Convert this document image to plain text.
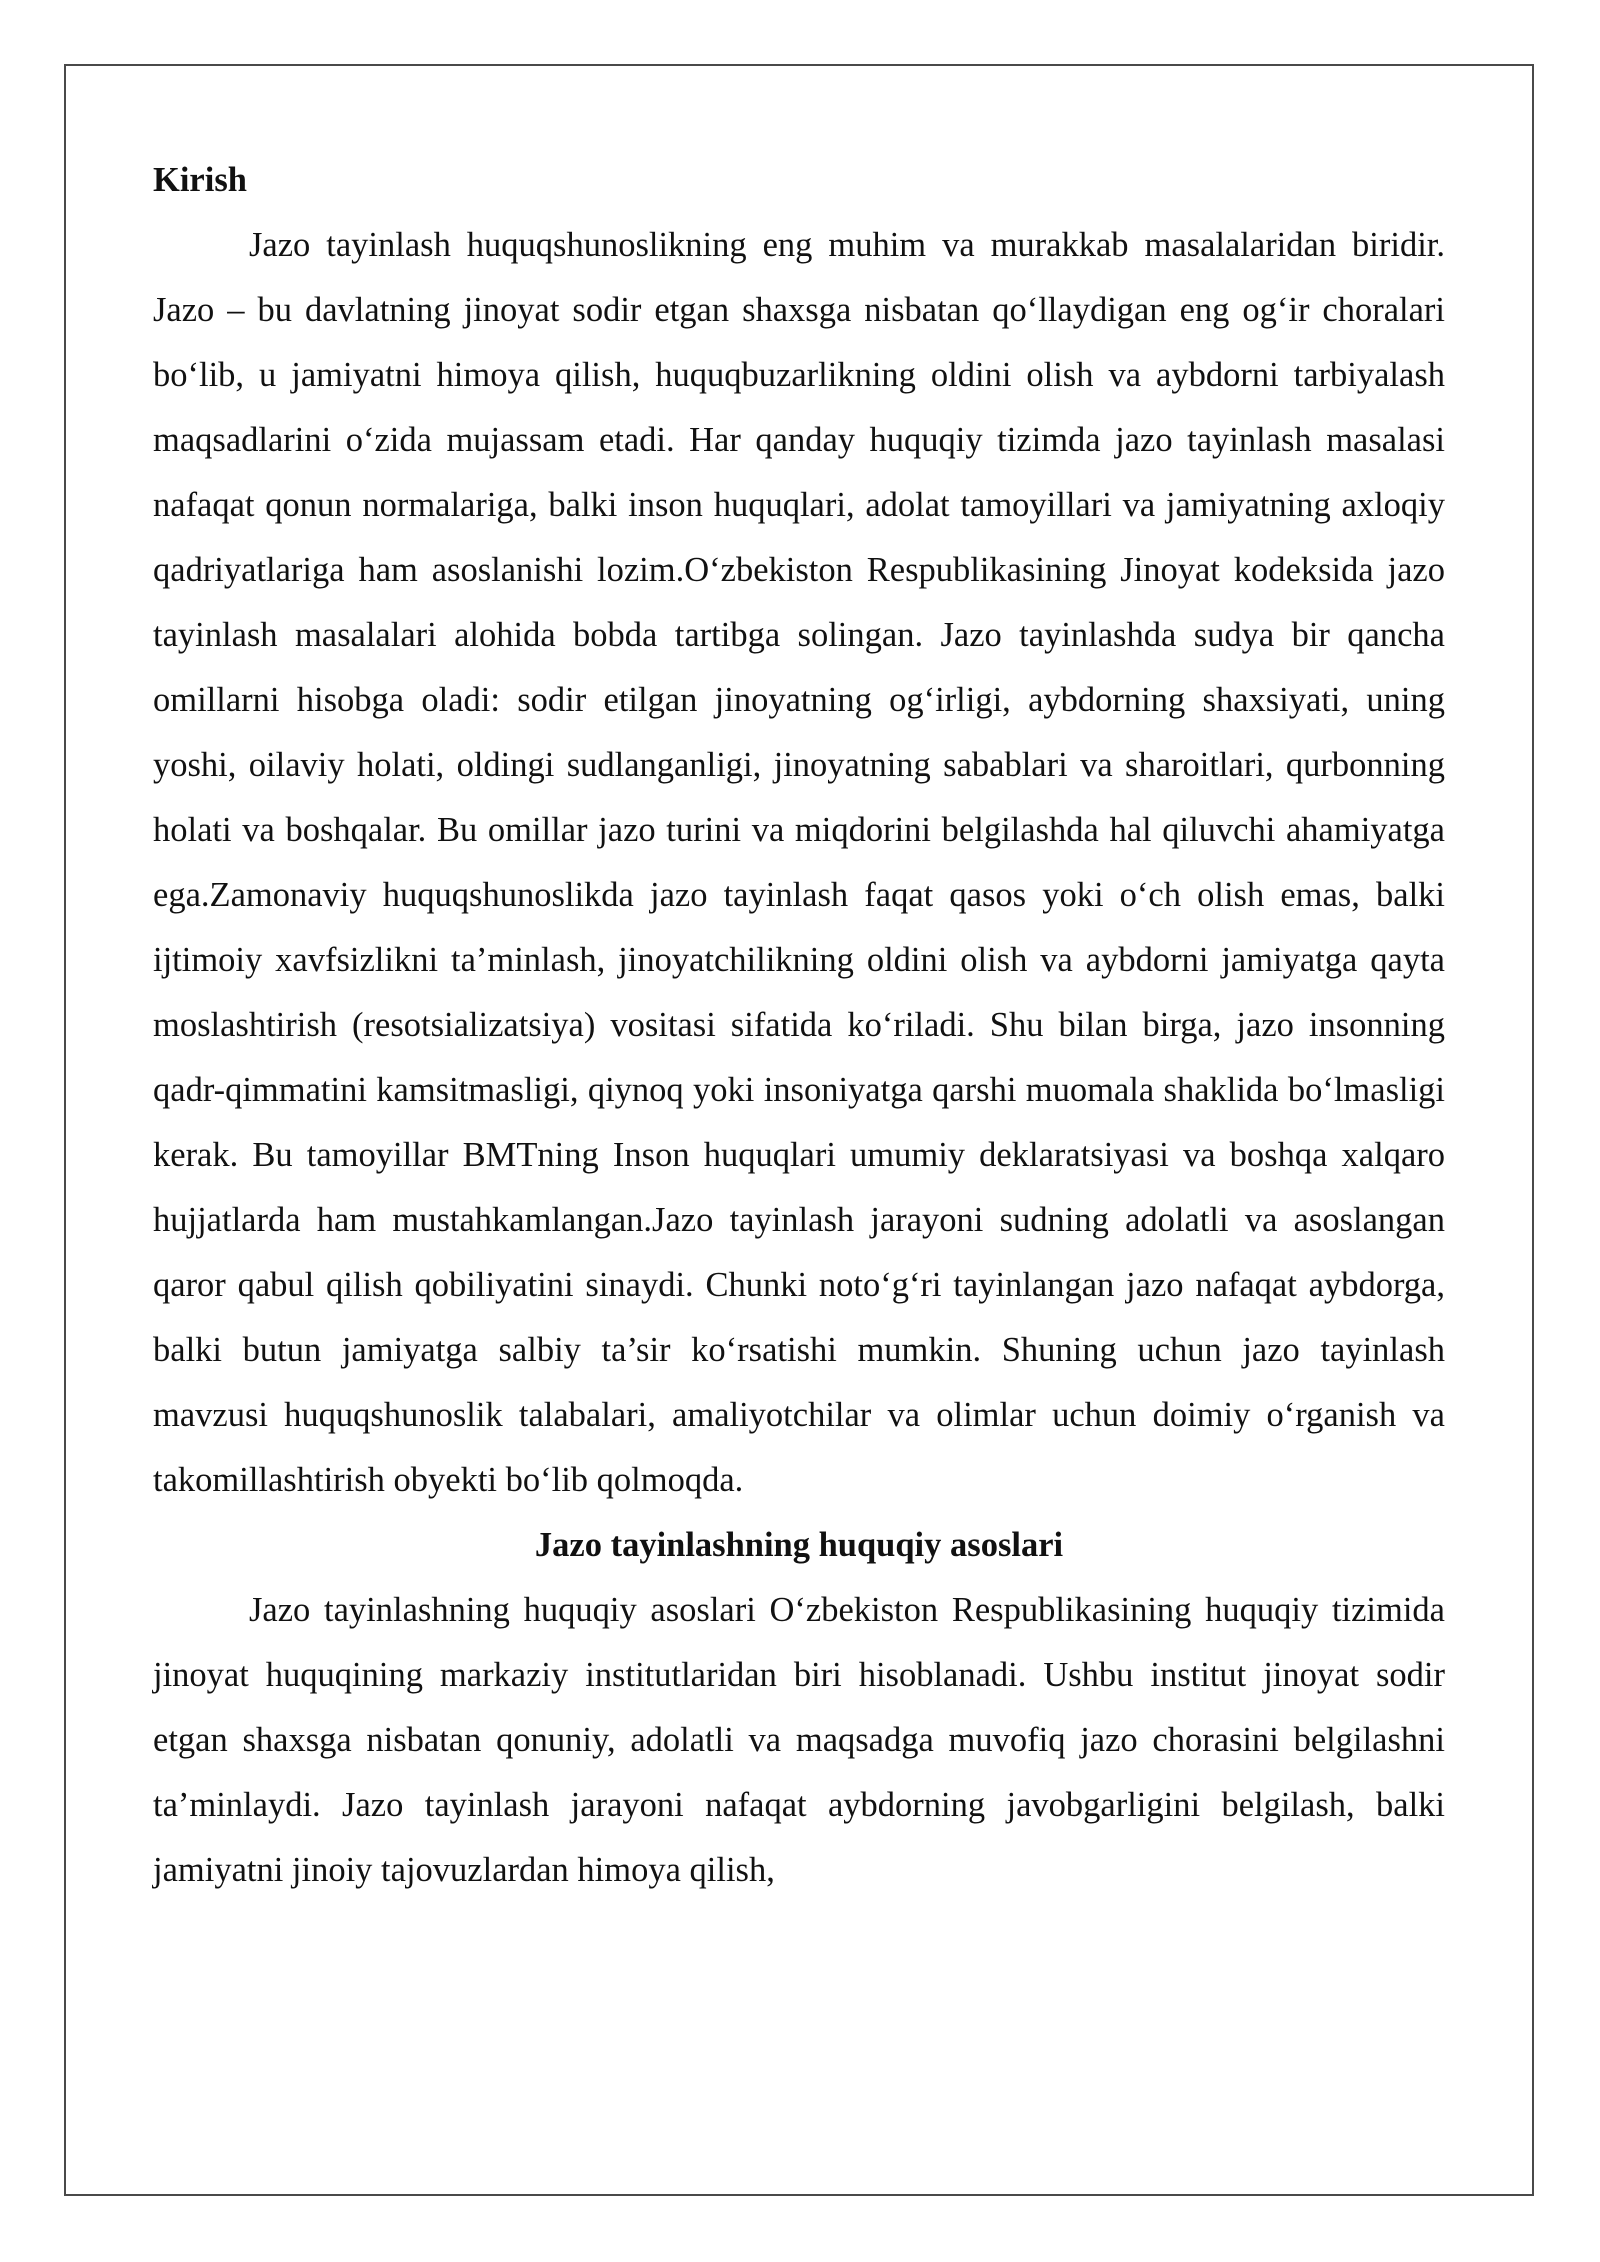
Kirish

Jazo tayinlash huquqshunoslikning eng muhim va murakkab masalalaridan biridir. Jazo – bu davlatning jinoyat sodir etgan shaxsga nisbatan qo‘llaydigan eng og‘ir choralari bo‘lib, u jamiyatni himoya qilish, huquqbuzarlikning oldini olish va aybdorni tarbiyalash maqsadlarini o‘zida mujassam etadi. Har qanday huquqiy tizimda jazo tayinlash masalasi nafaqat qonun normalariga, balki inson huquqlari, adolat tamoyillari va jamiyatning axloqiy qadriyatlariga ham asoslanishi lozim.O‘zbekiston Respublikasining Jinoyat kodeksida jazo tayinlash masalalari alohida bobda tartibga solingan. Jazo tayinlashda sudya bir qancha omillarni hisobga oladi: sodir etilgan jinoyatning og‘irligi, aybdorning shaxsiyati, uning yoshi, oilaviy holati, oldingi sudlanganligi, jinoyatning sabablari va sharoitlari, qurbonning holati va boshqalar. Bu omillar jazo turini va miqdorini belgilashda hal qiluvchi ahamiyatga ega.Zamonaviy huquqshunoslikda jazo tayinlash faqat qasos yoki o‘ch olish emas, balki ijtimoiy xavfsizlikni ta’minlash, jinoyatchilikning oldini olish va aybdorni jamiyatga qayta moslashtirish (resotsializatsiya) vositasi sifatida ko‘riladi. Shu bilan birga, jazo insonning qadr-qimmatini kamsitmasligi, qiynoq yoki insoniyatga qarshi muomala shaklida bo‘lmasligi kerak. Bu tamoyillar BMTning Inson huquqlari umumiy deklaratsiyasi va boshqa xalqaro hujjatlarda ham mustahkamlangan.Jazo tayinlash jarayoni sudning adolatli va asoslangan qaror qabul qilish qobiliyatini sinaydi. Chunki noto‘g‘ri tayinlangan jazo nafaqat aybdorga, balki butun jamiyatga salbiy ta’sir ko‘rsatishi mumkin. Shuning uchun jazo tayinlash mavzusi huquqshunoslik talabalari, amaliyotchilar va olimlar uchun doimiy o‘rganish va takomillashtirish obyekti bo‘lib qolmoqda.

Jazo tayinlashning huquqiy asoslari

Jazo tayinlashning huquqiy asoslari O‘zbekiston Respublikasining huquqiy tizimida jinoyat huquqining markaziy institutlaridan biri hisoblanadi. Ushbu institut jinoyat sodir etgan shaxsga nisbatan qonuniy, adolatli va maqsadga muvofiq jazo chorasini belgilashni ta’minlaydi. Jazo tayinlash jarayoni nafaqat aybdorning javobgarligini belgilash, balki jamiyatni jinoiy tajovuzlardan himoya qilish,
